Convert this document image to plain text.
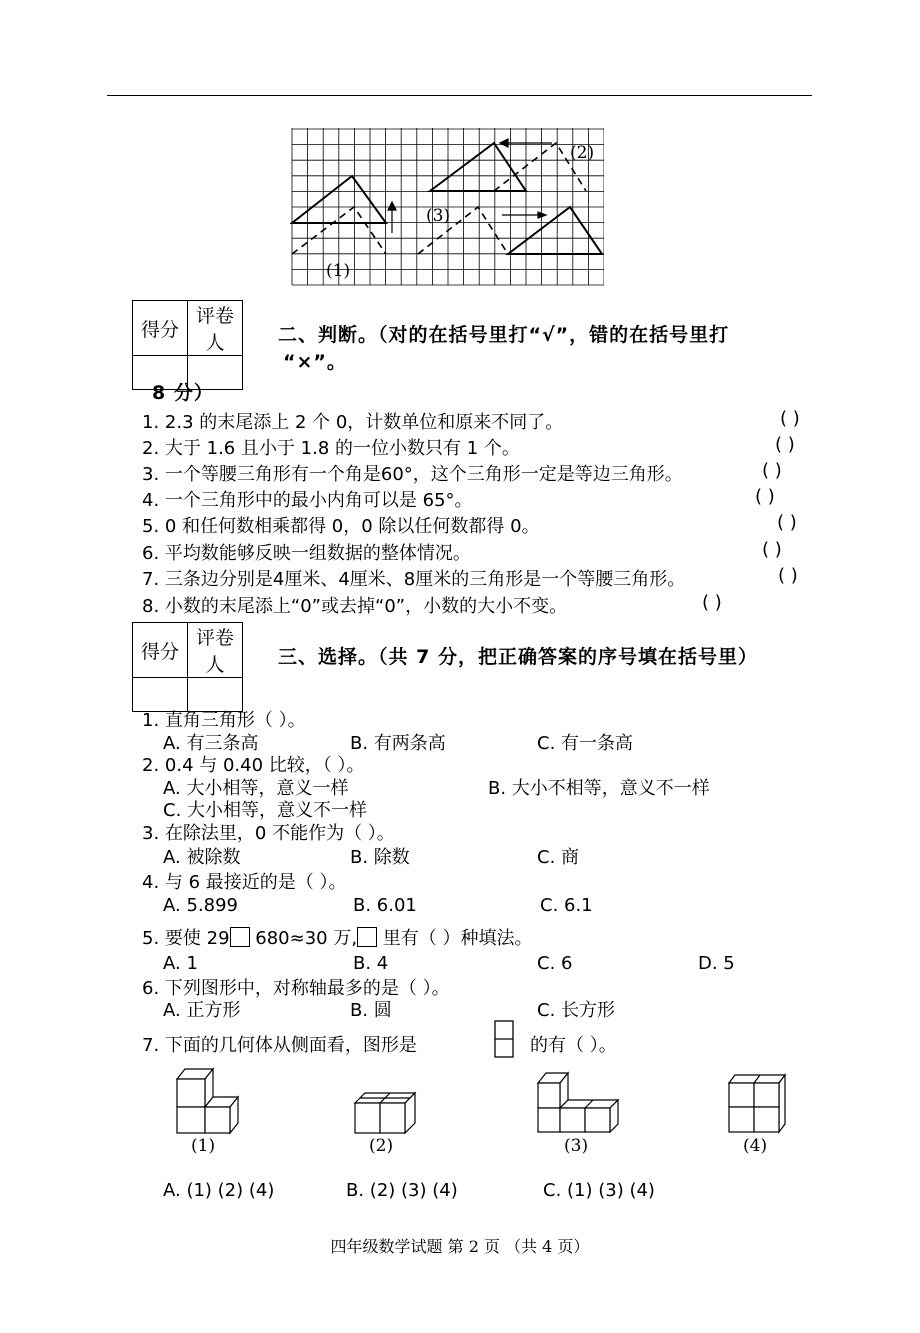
(1)
(2)
(3)
得分	评卷人
		二、判断。（对的在括号里打“√”，错的在括号里打
“×”。
8 分）
1. 2.3 的末尾添上 2 个 0，计数单位和原来不同了。	( )
2. 大于 1.6 且小于 1.8 的一位小数只有 1 个。	( )
3. 一个等腰三角形有一个角是60°，这个三角形一定是等边三角形。	( )
4. 一个三角形中的最小内角可以是 65°。	( )
5. 0 和任何数相乘都得 0，0 除以任何数都得 0。	( )
6. 平均数能够反映一组数据的整体情况。	( )
7. 三条边分别是4厘米、4厘米、8厘米的三角形是一个等腰三角形。	( )
8. 小数的末尾添上“0”或去掉“0”，小数的大小不变。	( )
得分	评卷人
		三、选择。（共 7 分，把正确答案的序号填在括号里）
1. 直角三角形（ ）。
A. 有三条高	B. 有两条高	C. 有一条高
2. 0.4 与 0.40 比较，（ ）。
A. 大小相等，意义一样	B. 大小不相等，意义不一样
C. 大小相等，意义不一样
3. 在除法里，0 不能作为（ ）。
A. 被除数	B. 除数	C. 商
4. 与 6 最接近的是（ ）。
A. 5.899	B. 6.01	C. 6.1
5. 要使 29 680≈30 万, 里有（ ）种填法。
A. 1	B. 4	C. 6	D. 5
6. 下列图形中，对称轴最多的是（ ）。
A. 正方形	B. 圆	C. 长方形
7. 下面的几何体从侧面看，图形是	的有（ ）。
(1)	(2)	(3)	(4)
A. (1) (2) (4)	B. (2) (3) (4)	C. (1) (3) (4)
四年级数学试题 第 2 页 （共 4 页）
